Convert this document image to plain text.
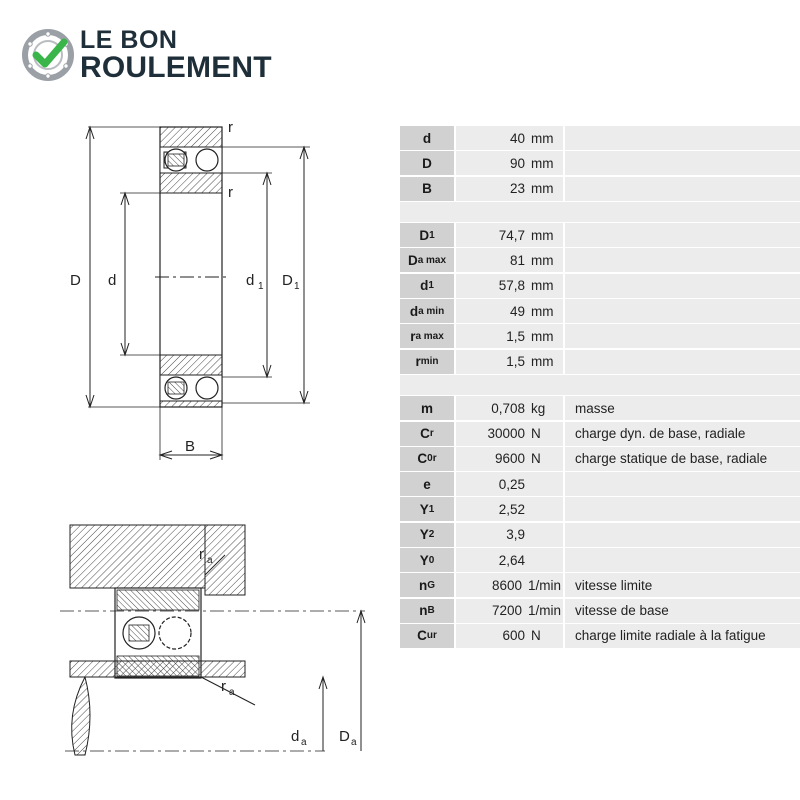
LE BON
ROULEMENT
D d	d 1 D 1
B
r
r
r a
r a
d a D a
d	40 mm
D	90 mm
B	23 mm
D 1	74,7 mm
D a max	81 mm
d 1	57,8 mm
d a min	49 mm
r a max	1,5 mm
r min	1,5 mm
m	0,708 kg	masse
C r	30000 N	charge dyn. de base, radiale
C 0r	9600 N	charge statique de base, radiale
e	0,25
Y 1	2,52
Y 2	3,9
Y 0	2,64
n G	8600 1/min	vitesse limite
n B	7200 1/min	vitesse de base
C ur	600 N	charge limite radiale à la fatigue
